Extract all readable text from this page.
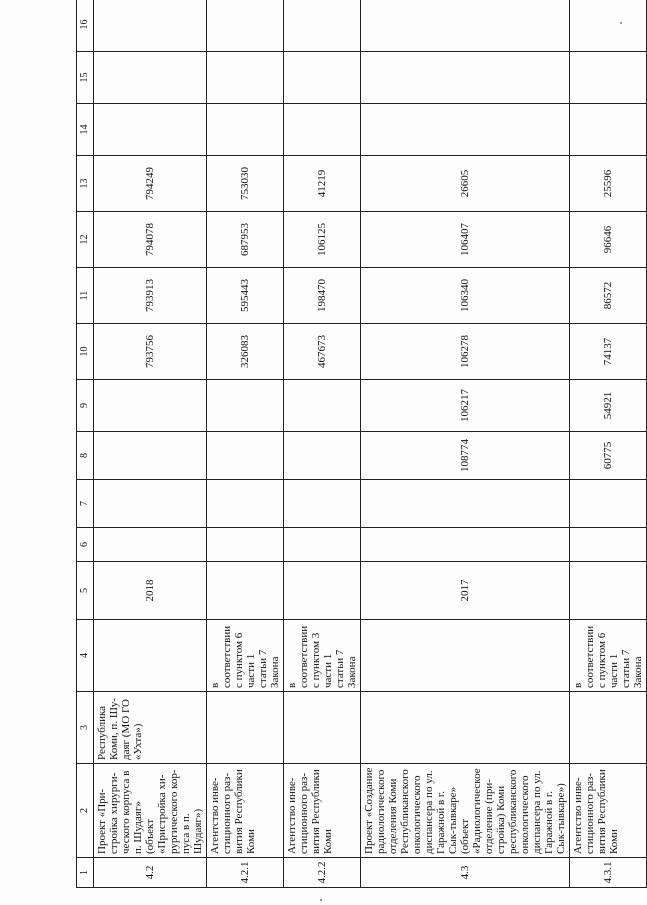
1	2	3	4	5	6	7	8	9	10	11	12	13	14	15	16
4.2	Проект «При-стройка хирурги-ческого корпуса в п. Шудаяг» (объект «Пристройка хи-рургического кор-пуса в п. Шудаяг»)	Республика Коми, п. Шу-даяг (МО ГО «Ухта»)		2018					793756	793913	794078	794249			
4.2.1	Агентство инве-стиционного раз-вития Республики Коми		в соответствии с пунктом 6 части 1 статьи 7 Закона						326083	595443	687953	753030			
4.2.2	Агентство инве-стиционного раз-вития Республики Коми		в соответствии с пунктом 3 части 1 статьи 7 Закона						467673	198470	106125	41219			
4.3	Проект «Создание радиологического отделения Коми Республиканского онкологического диспансера по ул. Гаражной в г. Сык-тывкаре» (объект «Радиологическое отделение (при-стройка) Коми республиканского онкологического диспансера по ул. Гаражной в г. Сык-тывкаре»)			2017			108774	106217	106278	106340	106407	26605			
4.3.1	Агентство инве-стиционного раз-вития Республики Коми		в соответствии с пунктом 6 части 1 статьи 7 Закона				60775	54921	74137	86572	96646	25596			
